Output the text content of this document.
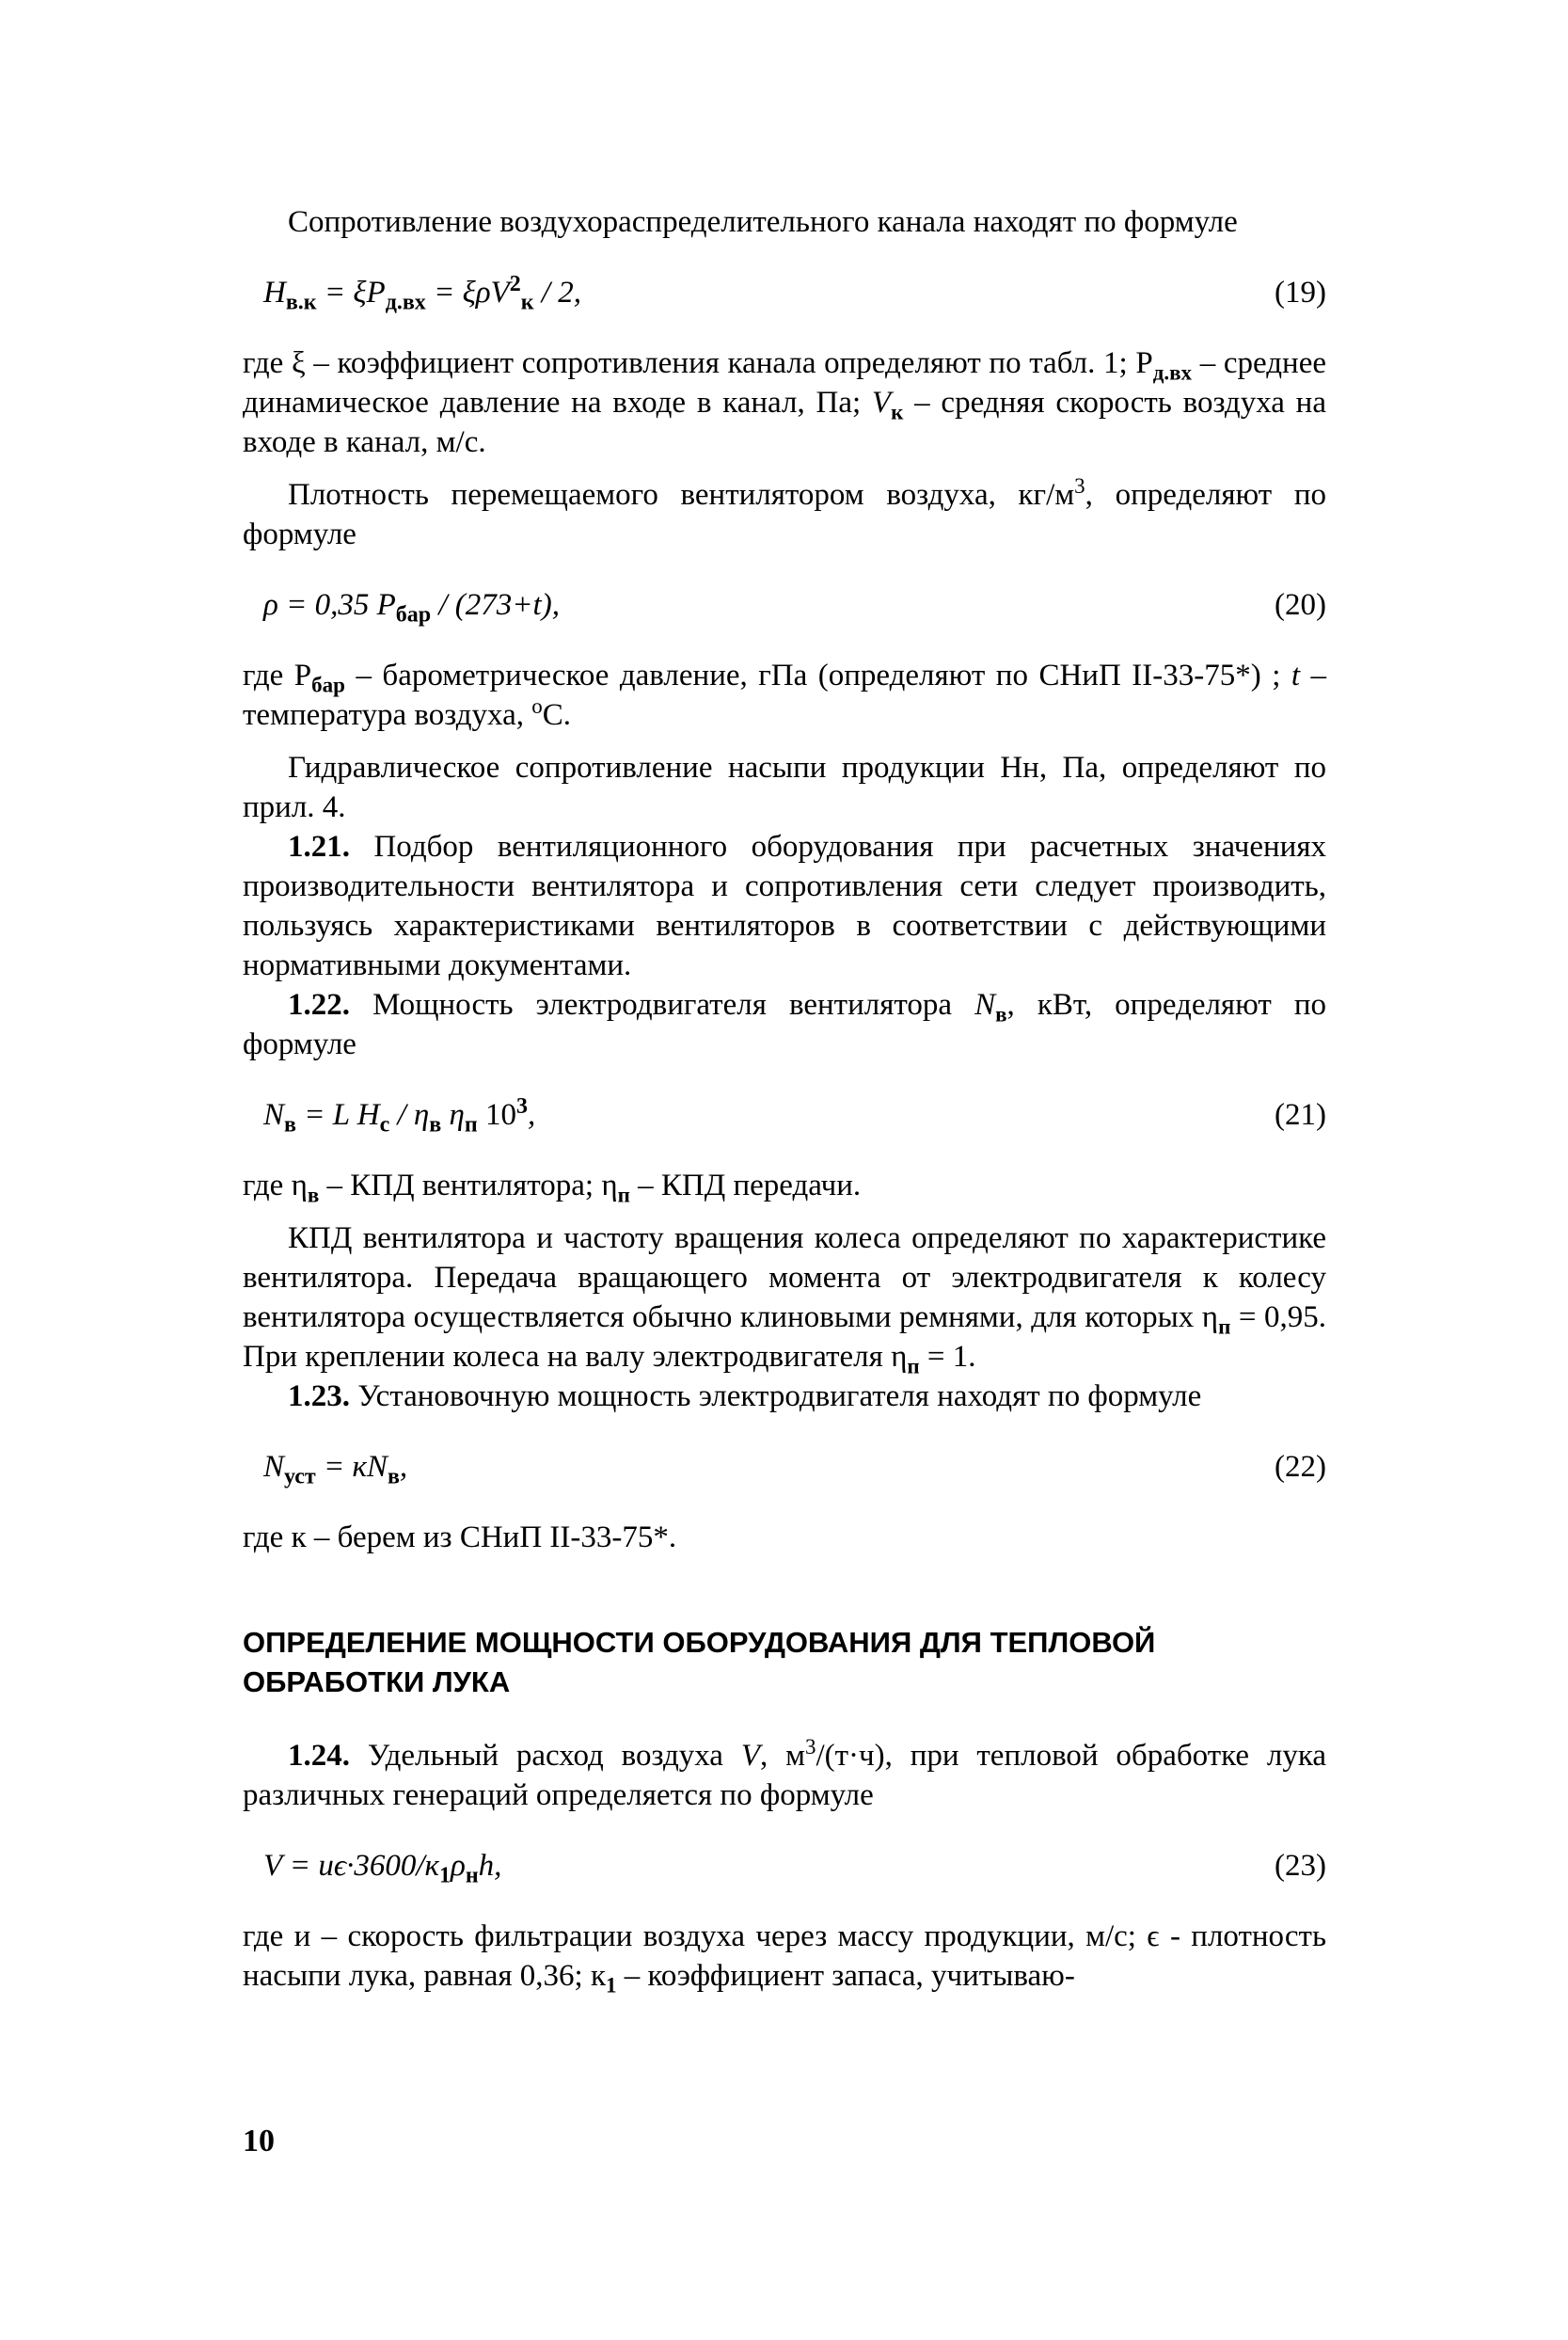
Сопротивление воздухораспределительного канала находят по формуле

$H_{в.к} = \xi P_{д.вх} = \xi\rho V^2_к / 2$,	(19)

где ξ – коэффициент сопротивления канала определяют по табл. 1; $P_{д.вх}$ – среднее динамическое давление на входе в канал, Па; $V_к$ – средняя скорость воздуха на входе в канал, м/с.

Плотность перемещаемого вентилятором воздуха, $кг/м^3$, определяют по формуле

ρ = 0,35 $P_{бар} / (273+t)$,	(20)

где $P_{бар}$ – барометрическое давление, гПа (определяют по СНиП II-33-75*) ; t – температура воздуха, $^o$С.

Гидравлическое сопротивление насыпи продукции Нн, Па, определяют по прил. 4.

1.21. Подбор вентиляционного оборудования при расчетных значениях производительности вентилятора и сопротивления сети следует производить, пользуясь характеристиками вентиляторов в соответствии с действующими нормативными документами.

1.22. Мощность электродвигателя вентилятора $N_в$, кВт, определяют по формуле

$N_в = L$ $H_с / \eta_в$ $\eta_п$ $10^3$,	(21)

где $\eta_в$ – КПД вентилятора; $\eta_п$ – КПД передачи.

КПД вентилятора и частоту вращения колеса определяют по характеристике вентилятора. Передача вращающего момента от электродвигателя к колесу вентилятора осуществляется обычно клиновыми ремнями, для которых $\eta_п = 0,95$. При креплении колеса на валу электродвигателя $\eta_п = 1$.

1.23. Установочную мощность электродвигателя находят по формуле

$N_{уст} = кN_в$,	(22)

где к – берем из СНиП II-33-75*.

ОПРЕДЕЛЕНИЕ МОЩНОСТИ ОБОРУДОВАНИЯ ДЛЯ ТЕПЛОВОЙ ОБРАБОТКИ ЛУКА

1.24. Удельный расход воздуха V, $м^3/(т\cdot ч)$, при тепловой обработке лука различных генераций определяется по формуле

$V = и\epsilon\cdot 3600/к_1\rho_нh$,	(23)

где и – скорость фильтрации воздуха через массу продукции, м/с; ϵ - плотность насыпи лука, равная 0,36; $к_1$ – коэффициент запаса, учитываю-

10
